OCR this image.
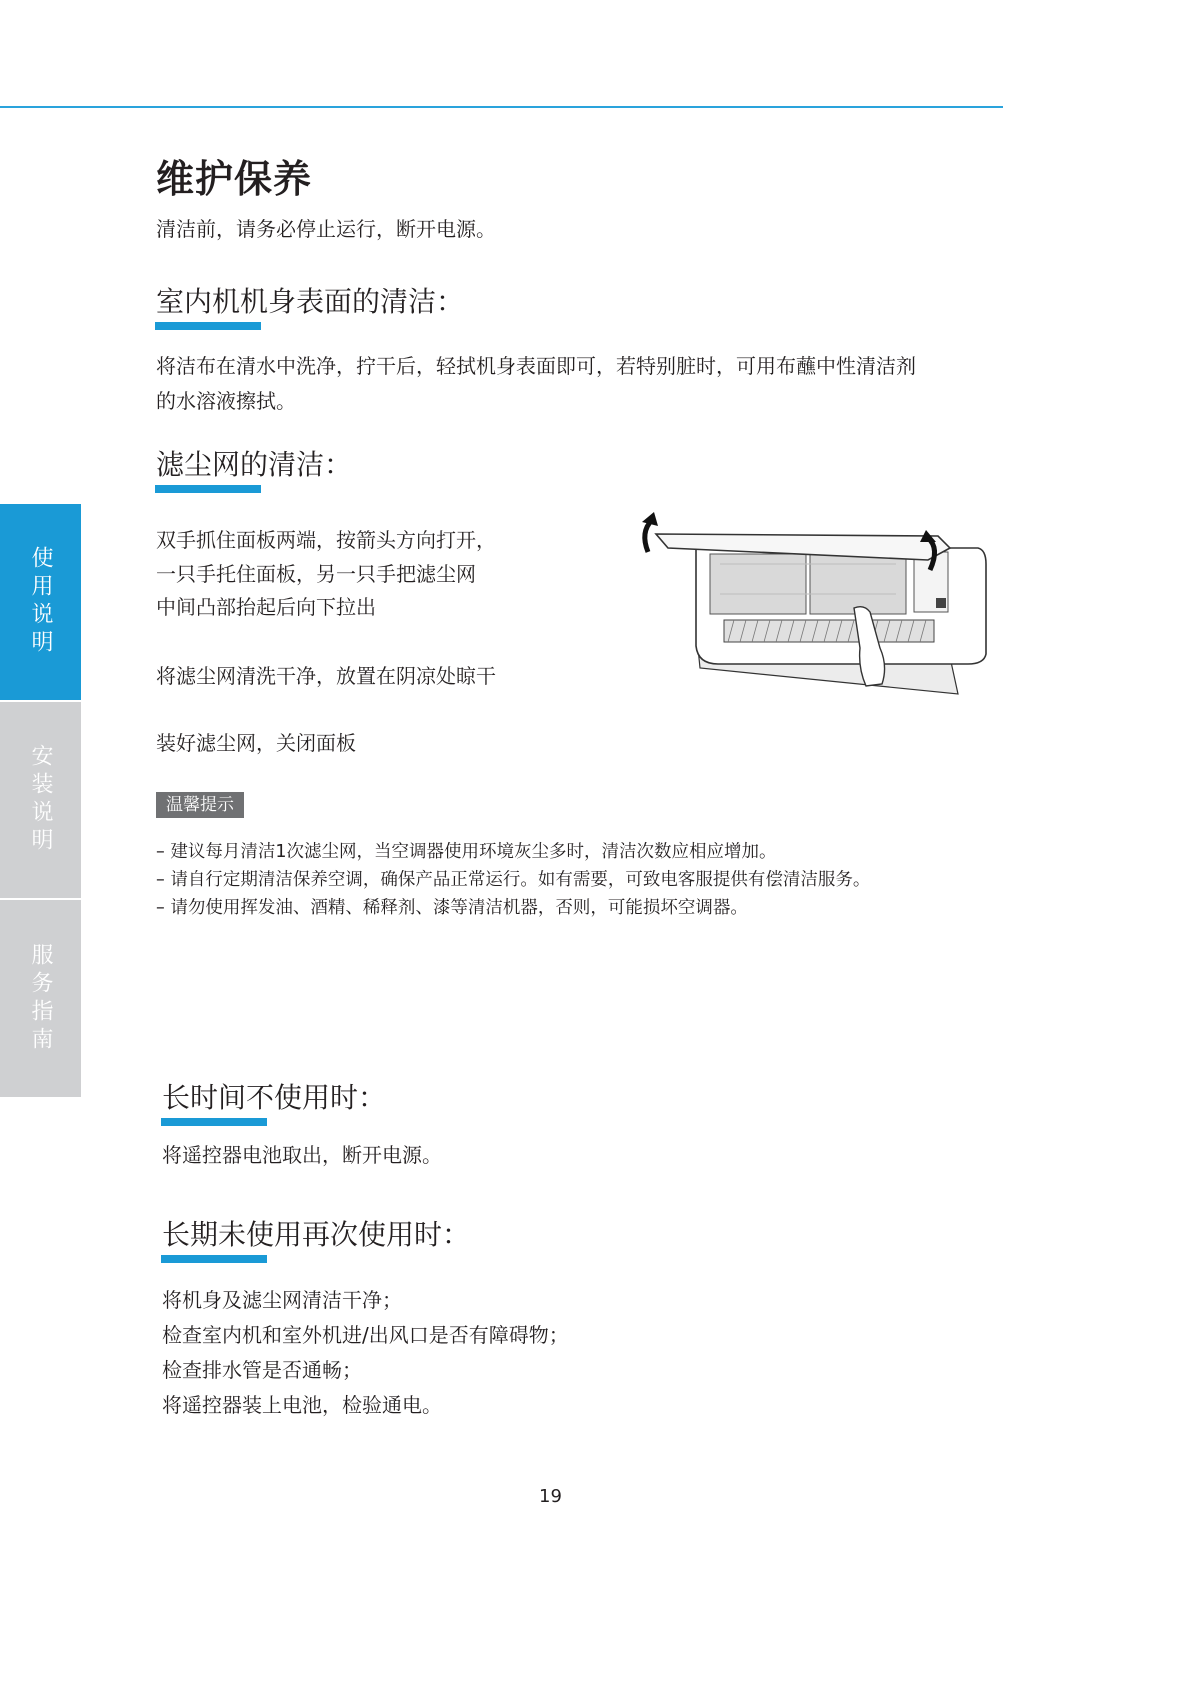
使用说明
安装说明
服务指南
维护保养

清洁前，请务必停止运行，断开电源。

室内机机身表面的清洁：

将洁布在清水中洗净，拧干后，轻拭机身表面即可，若特别脏时，可用布蘸中性清洁剂

的水溶液擦拭。

滤尘网的清洁：

双手抓住面板两端，按箭头方向打开，

一只手托住面板，另一只手把滤尘网

中间凸部抬起后向下拉出

将滤尘网清洗干净，放置在阴凉处晾干

装好滤尘网，关闭面板

温馨提示
– 建议每月清洁1次滤尘网，当空调器使用环境灰尘多时，清洁次数应相应增加。
– 请自行定期清洁保养空调，确保产品正常运行。如有需要，可致电客服提供有偿清洁服务。
– 请勿使用挥发油、酒精、稀释剂、漆等清洁机器，否则，可能损坏空调器。
长时间不使用时：

将遥控器电池取出，断开电源。

长期未使用再次使用时：

将机身及滤尘网清洁干净；

检查室内机和室外机进/出风口是否有障碍物；

检查排水管是否通畅；

将遥控器装上电池，检验通电。

19
